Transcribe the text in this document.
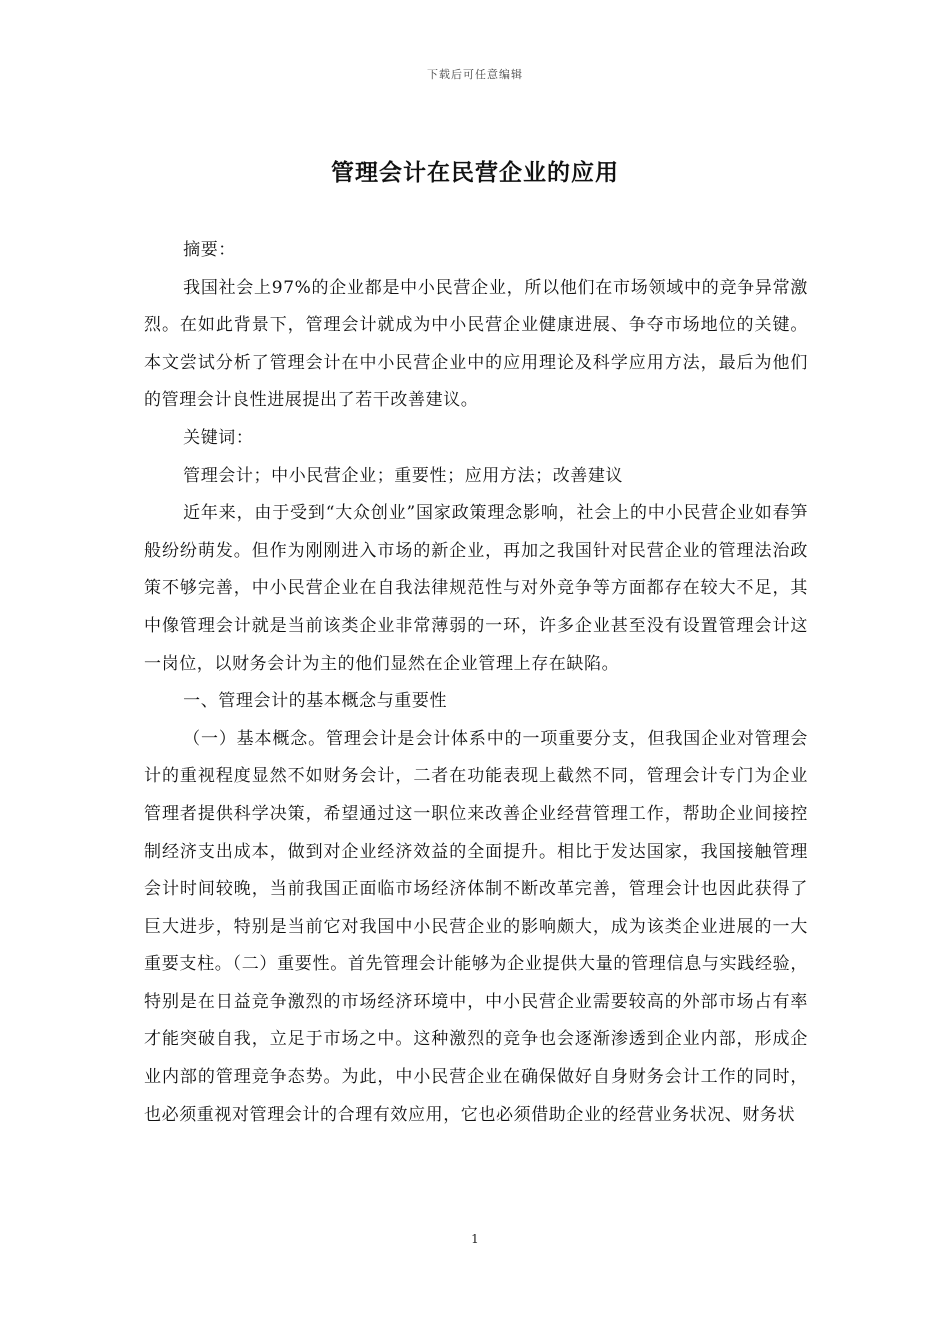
下载后可任意编辑
管理会计在民营企业的应用

摘要：

我国社会上97%的企业都是中小民营企业，所以他们在市场领域中的竞争异常激烈。在如此背景下，管理会计就成为中小民营企业健康进展、争夺市场地位的关键。本文尝试分析了管理会计在中小民营企业中的应用理论及科学应用方法，最后为他们的管理会计良性进展提出了若干改善建议。

关键词：

管理会计；中小民营企业；重要性；应用方法；改善建议

近年来，由于受到“大众创业”国家政策理念影响，社会上的中小民营企业如春笋般纷纷萌发。但作为刚刚进入市场的新企业，再加之我国针对民营企业的管理法治政策不够完善，中小民营企业在自我法律规范性与对外竞争等方面都存在较大不足，其中像管理会计就是当前该类企业非常薄弱的一环，许多企业甚至没有设置管理会计这一岗位，以财务会计为主的他们显然在企业管理上存在缺陷。

一、管理会计的基本概念与重要性

（一）基本概念。管理会计是会计体系中的一项重要分支，但我国企业对管理会计的重视程度显然不如财务会计，二者在功能表现上截然不同，管理会计专门为企业管理者提供科学决策，希望通过这一职位来改善企业经营管理工作，帮助企业间接控制经济支出成本，做到对企业经济效益的全面提升。相比于发达国家，我国接触管理会计时间较晚，当前我国正面临市场经济体制不断改革完善，管理会计也因此获得了巨大进步，特别是当前它对我国中小民营企业的影响颇大，成为该类企业进展的一大重要支柱。（二）重要性。首先管理会计能够为企业提供大量的管理信息与实践经验，特别是在日益竞争激烈的市场经济环境中，中小民营企业需要较高的外部市场占有率才能突破自我，立足于市场之中。这种激烈的竞争也会逐渐渗透到企业内部，形成企业内部的管理竞争态势。为此，中小民营企业在确保做好自身财务会计工作的同时，也必须重视对管理会计的合理有效应用，它也必须借助企业的经营业务状况、财务状

1
